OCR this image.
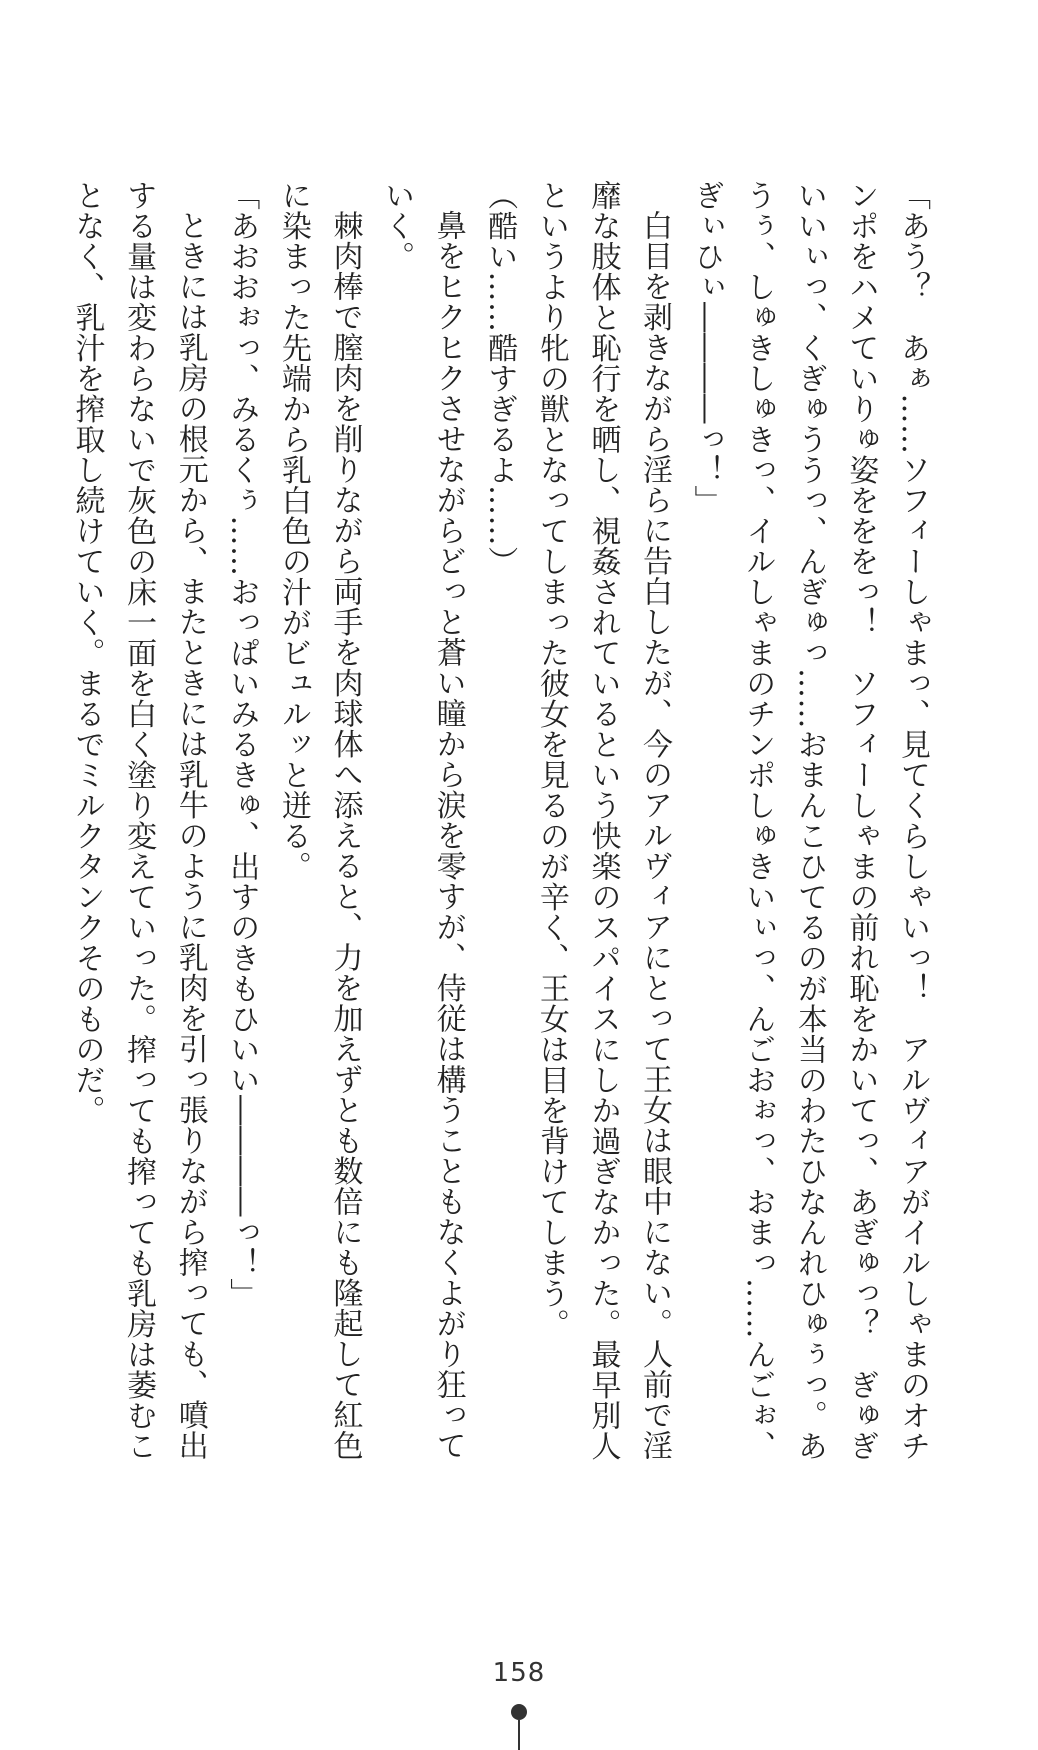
「あう？　あぁ……ソフィーしゃまっ、見てくらしゃいっ！　アルヴィアがイルしゃまのオチンポをハメていりゅ姿をををっ！　ソフィーしゃまの前れ恥をかいてっ、あぎゅっ？　ぎゅぎいいぃっ、くぎゅううっ、んぎゅっ……おまんこひてるのが本当のわたひなんれひゅぅっ。あうぅ、しゅきしゅきっ、イルしゃまのチンポしゅきいぃっ、んごおぉっ、おまっ……んごぉ、ぎぃひぃ――――っ！」

白目を剥きながら淫らに告白したが、今のアルヴィアにとって王女は眼中にない。人前で淫靡な肢体と恥行を晒し、視姦されているという快楽のスパイスにしか過ぎなかった。最早別人というより牝の獣となってしまった彼女を見るのが辛く、王女は目を背けてしまう。

（酷い……酷すぎるよ……）

鼻をヒクヒクさせながらどっと蒼い瞳から涙を零すが、侍従は構うこともなくよがり狂っていく。

棘肉棒で膣肉を削りながら両手を肉球体へ添えると、力を加えずとも数倍にも隆起して紅色に染まった先端から乳白色の汁がビュルッと迸る。

「あおおぉっ、みるくぅ……おっぱいみるきゅ、出すのきもひいい――――っ！」

ときには乳房の根元から、またときには乳牛のように乳肉を引っ張りながら搾っても、噴出する量は変わらないで灰色の床一面を白く塗り変えていった。搾っても搾っても乳房は萎むことなく、乳汁を搾取し続けていく。まるでミルクタンクそのものだ。

158
